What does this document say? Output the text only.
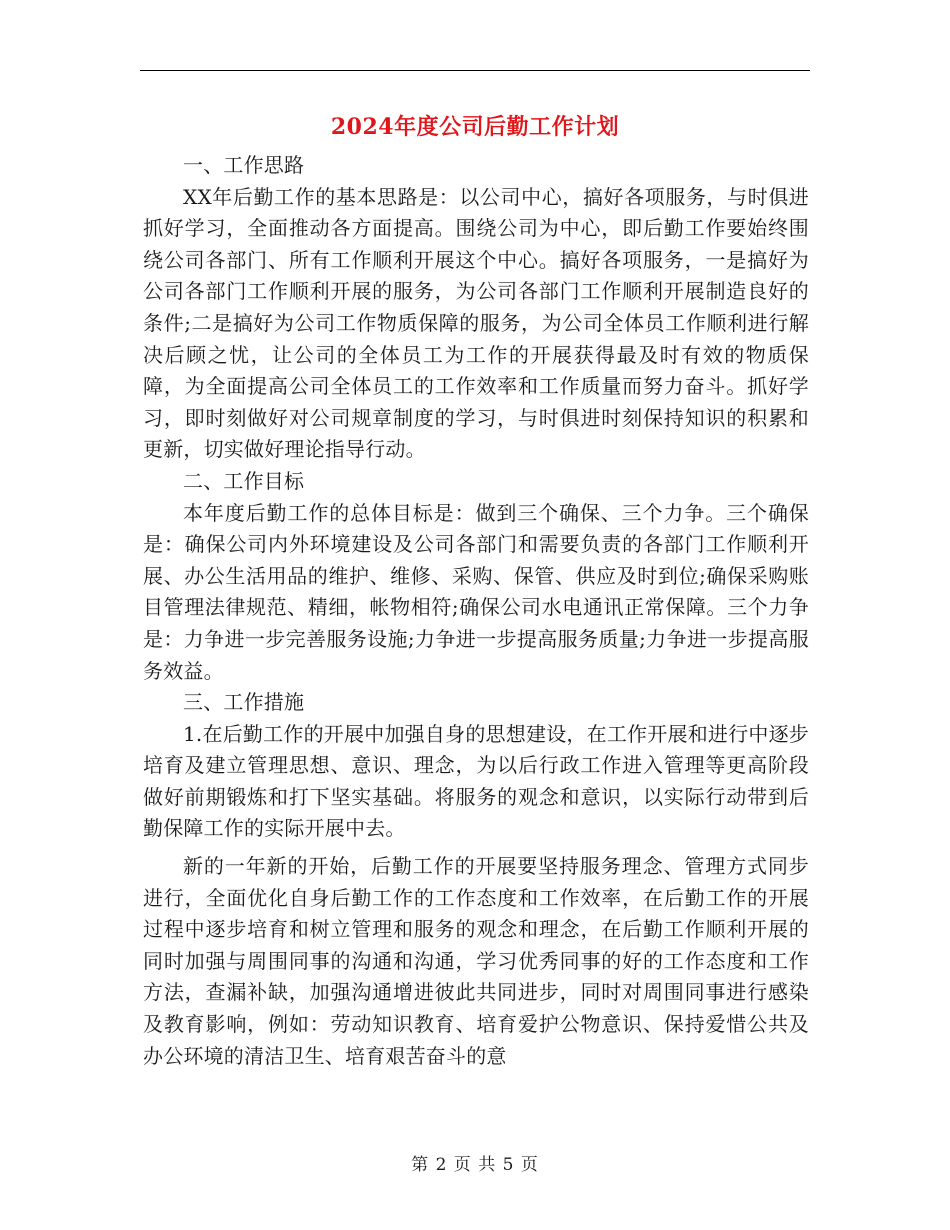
2024年度公司后勤工作计划

一、工作思路

XX年后勤工作的基本思路是：以公司中心，搞好各项服务，与时俱进抓好学习，全面推动各方面提高。围绕公司为中心，即后勤工作要始终围绕公司各部门、所有工作顺利开展这个中心。搞好各项服务，一是搞好为公司各部门工作顺利开展的服务，为公司各部门工作顺利开展制造良好的条件;二是搞好为公司工作物质保障的服务，为公司全体员工作顺利进行解决后顾之忧，让公司的全体员工为工作的开展获得最及时有效的物质保障，为全面提高公司全体员工的工作效率和工作质量而努力奋斗。抓好学习，即时刻做好对公司规章制度的学习，与时俱进时刻保持知识的积累和更新，切实做好理论指导行动。

二、工作目标

本年度后勤工作的总体目标是：做到三个确保、三个力争。三个确保是：确保公司内外环境建设及公司各部门和需要负责的各部门工作顺利开展、办公生活用品的维护、维修、采购、保管、供应及时到位;确保采购账目管理法律规范、精细，帐物相符;确保公司水电通讯正常保障。三个力争是：力争进一步完善服务设施;力争进一步提高服务质量;力争进一步提高服务效益。

三、工作措施

1.在后勤工作的开展中加强自身的思想建设，在工作开展和进行中逐步培育及建立管理思想、意识、理念，为以后行政工作进入管理等更高阶段做好前期锻炼和打下坚实基础。将服务的观念和意识，以实际行动带到后勤保障工作的实际开展中去。

新的一年新的开始，后勤工作的开展要坚持服务理念、管理方式同步进行，全面优化自身后勤工作的工作态度和工作效率，在后勤工作的开展过程中逐步培育和树立管理和服务的观念和理念，在后勤工作顺利开展的同时加强与周围同事的沟通和沟通，学习优秀同事的好的工作态度和工作方法，查漏补缺，加强沟通增进彼此共同进步，同时对周围同事进行感染及教育影响，例如：劳动知识教育、培育爱护公物意识、保持爱惜公共及办公环境的清洁卫生、培育艰苦奋斗的意

第 2 页 共 5 页
